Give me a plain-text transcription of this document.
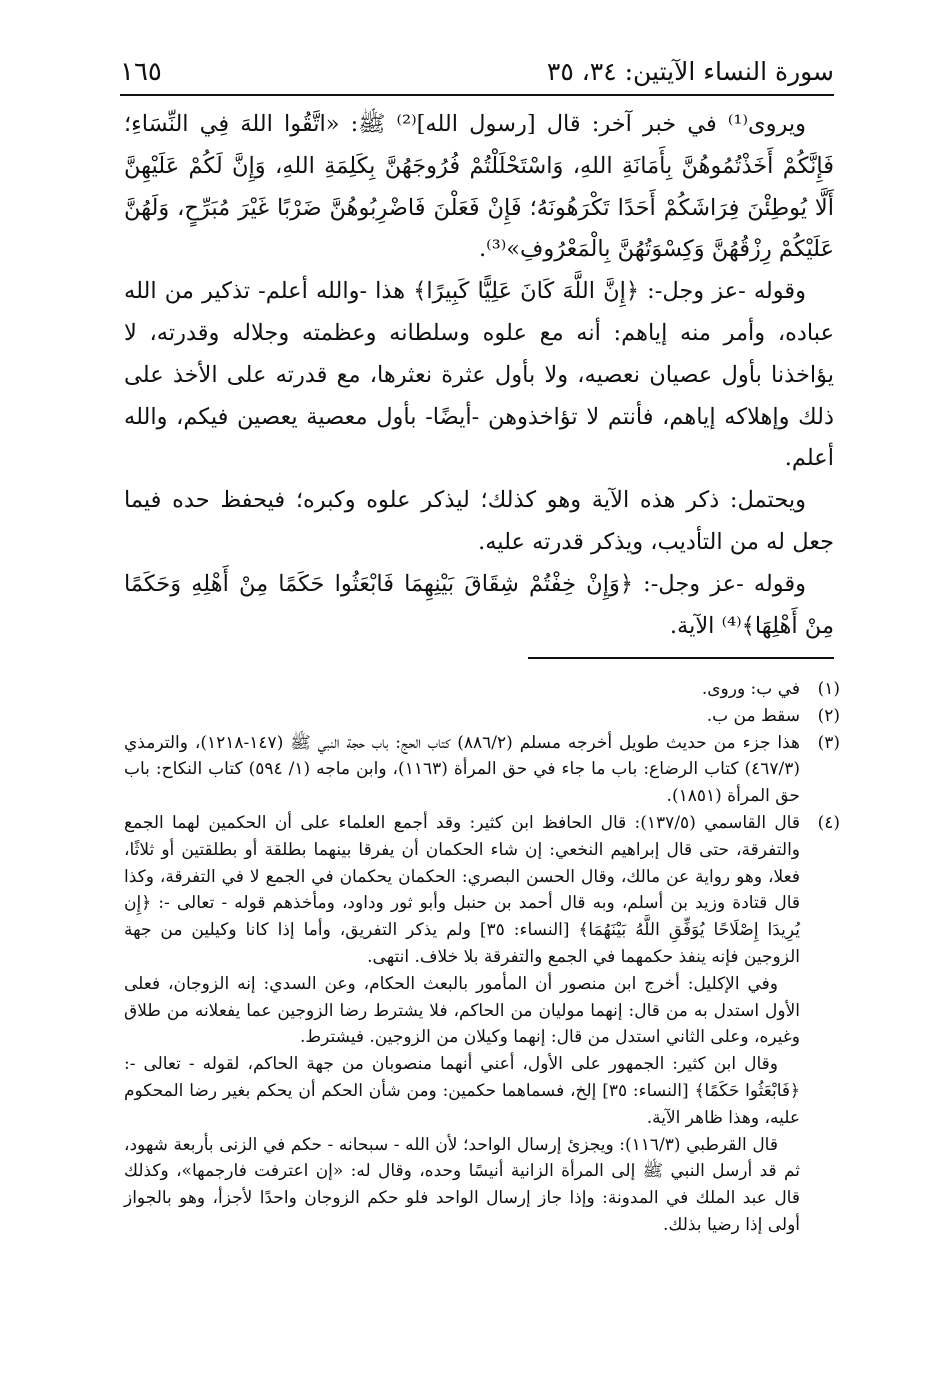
سورة النساء الآيتين: ٣٤، ٣٥
١٦٥

ويروى⁽¹⁾ في خبر آخر: قال [رسول الله]⁽²⁾ ﷺ: «اتَّقُوا اللهَ فِي النِّسَاءِ؛ فَإِنَّكُمْ أَخَذْتُمُوهُنَّ بِأَمَانَةِ اللهِ، وَاسْتَحْلَلْتُمْ فُرُوجَهُنَّ بِكَلِمَةِ اللهِ، وَإِنَّ لَكُمْ عَلَيْهِنَّ أَلَّا يُوطِئْنَ فِرَاشَكُمْ أَحَدًا تَكْرَهُونَهُ؛ فَإِنْ فَعَلْنَ فَاضْرِبُوهُنَّ ضَرْبًا غَيْرَ مُبَرِّحٍ، وَلَهُنَّ عَلَيْكُمْ رِزْقُهُنَّ وَكِسْوَتُهُنَّ بِالْمَعْرُوفِ»⁽³⁾.

وقوله -عز وجل-: ﴿إِنَّ اللَّهَ كَانَ عَلِيًّا كَبِيرًا﴾ هذا -والله أعلم- تذكير من الله عباده، وأمر منه إياهم: أنه مع علوه وسلطانه وعظمته وجلاله وقدرته، لا يؤاخذنا بأول عصيان نعصيه، ولا بأول عثرة نعثرها، مع قدرته على الأخذ على ذلك وإهلاكه إياهم، فأنتم لا تؤاخذوهن -أيضًا- بأول معصية يعصين فيكم، والله أعلم.

ويحتمل: ذكر هذه الآية وهو كذلك؛ ليذكر علوه وكبره؛ فيحفظ حده فيما جعل له من التأديب، ويذكر قدرته عليه.

وقوله -عز وجل-: ﴿وَإِنْ خِفْتُمْ شِقَاقَ بَيْنِهِمَا فَابْعَثُوا حَكَمًا مِنْ أَهْلِهِ وَحَكَمًا مِنْ أَهْلِهَا﴾⁽⁴⁾ الآية.

(١)

في ب: وروى.

(٢)

سقط من ب.

(٣)

هذا جزء من حديث طويل أخرجه مسلم (٨٨٦/٢) كتاب الحج: باب حجة النبي ﷺ (١٤٧-١٢١٨)، والترمذي (٤٦٧/٣) كتاب الرضاع: باب ما جاء في حق المرأة (١١٦٣)، وابن ماجه (١/ ٥٩٤) كتاب النكاح: باب حق المرأة (١٨٥١).

(٤)

قال القاسمي (١٣٧/٥): قال الحافظ ابن كثير: وقد أجمع العلماء على أن الحكمين لهما الجمع والتفرقة، حتى قال إبراهيم النخعي: إن شاء الحكمان أن يفرقا بينهما بطلقة أو بطلقتين أو ثلاثًا، فعلا، وهو رواية عن مالك، وقال الحسن البصري: الحكمان يحكمان في الجمع لا في التفرقة، وكذا قال قتادة وزيد بن أسلم، وبه قال أحمد بن حنبل وأبو ثور وداود، ومأخذهم قوله - تعالى -: ﴿إِن يُرِيدَا إِصْلَاحًا يُوَفِّقِ اللَّهُ بَيْنَهُمَا﴾ [النساء: ٣٥] ولم يذكر التفريق، وأما إذا كانا وكيلين من جهة الزوجين فإنه ينفذ حكمهما في الجمع والتفرقة بلا خلاف. انتهى.

وفي الإكليل: أخرج ابن منصور أن المأمور بالبعث الحكام، وعن السدي: إنه الزوجان، فعلى الأول استدل به من قال: إنهما موليان من الحاكم، فلا يشترط رضا الزوجين عما يفعلانه من طلاق وغيره، وعلى الثاني استدل من قال: إنهما وكيلان من الزوجين. فيشترط.

وقال ابن كثير: الجمهور على الأول، أعني أنهما منصوبان من جهة الحاكم، لقوله - تعالى -: ﴿فَابْعَثُوا حَكَمًا﴾ [النساء: ٣٥] إلخ، فسماهما حكمين: ومن شأن الحكم أن يحكم بغير رضا المحكوم عليه، وهذا ظاهر الآية.

قال القرطبي (١١٦/٣): ويجزئ إرسال الواحد؛ لأن الله - سبحانه - حكم في الزنى بأربعة شهود، ثم قد أرسل النبي ﷺ إلى المرأة الزانية أنيسًا وحده، وقال له: «إن اعترفت فارجمها»، وكذلك قال عبد الملك في المدونة: وإذا جاز إرسال الواحد فلو حكم الزوجان واحدًا لأجزأ، وهو بالجواز أولى إذا رضيا بذلك.
